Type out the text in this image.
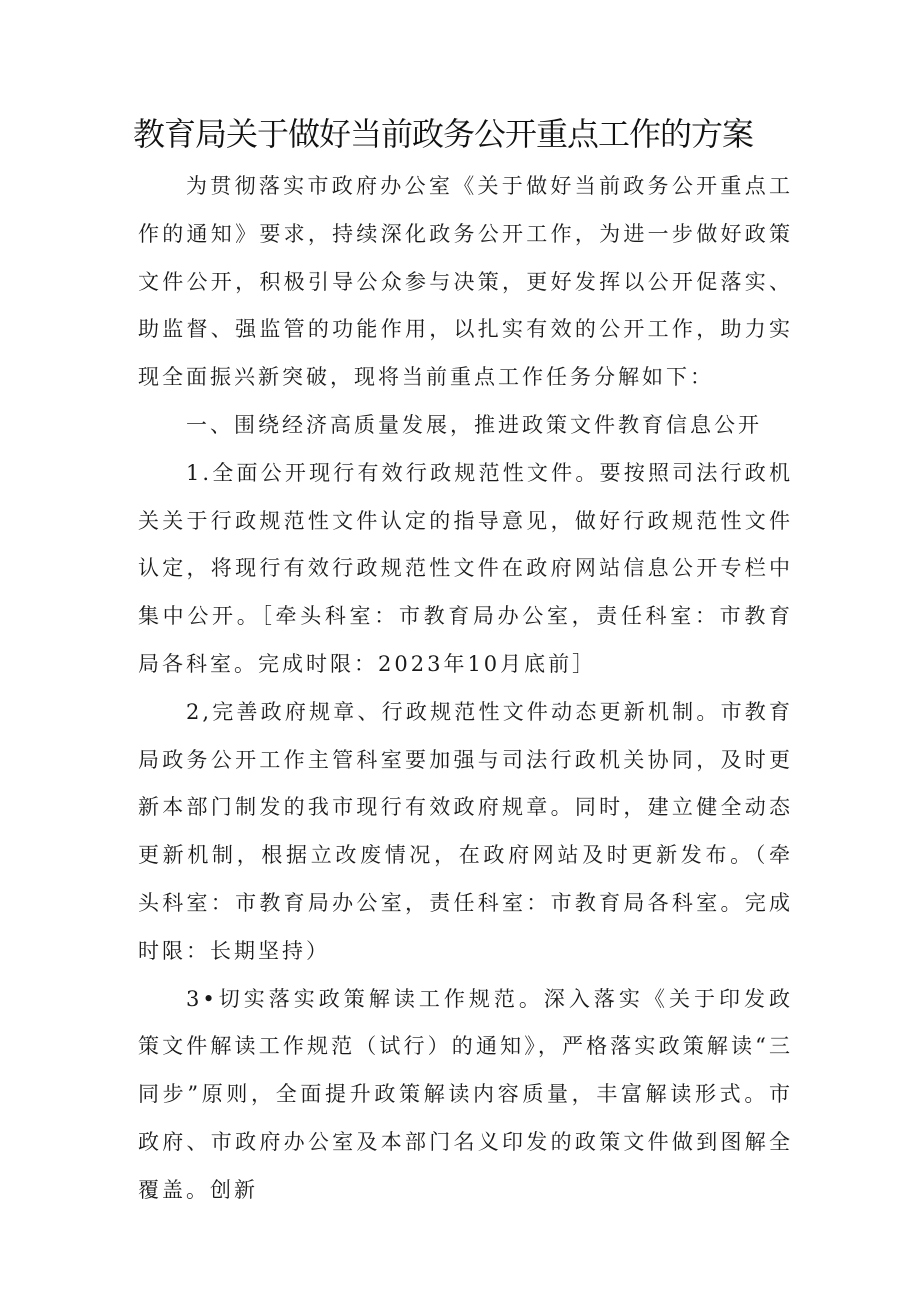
教育局关于做好当前政务公开重点工作的方案

为贯彻落实市政府办公室《关于做好当前政务公开重点工作的通知》要求，持续深化政务公开工作，为进一步做好政策文件公开，积极引导公众参与决策，更好发挥以公开促落实、助监督、强监管的功能作用，以扎实有效的公开工作，助力实现全面振兴新突破，现将当前重点工作任务分解如下：

一、围绕经济高质量发展，推进政策文件教育信息公开

1.全面公开现行有效行政规范性文件。要按照司法行政机关关于行政规范性文件认定的指导意见，做好行政规范性文件认定，将现行有效行政规范性文件在政府网站信息公开专栏中集中公开。［牵头科室：市教育局办公室，责任科室：市教育局各科室。完成时限：2023年10月底前］

2,完善政府规章、行政规范性文件动态更新机制。市教育局政务公开工作主管科室要加强与司法行政机关协同，及时更新本部门制发的我市现行有效政府规章。同时，建立健全动态更新机制，根据立改废情况，在政府网站及时更新发布。（牵头科室：市教育局办公室，责任科室：市教育局各科室。完成时限：长期坚持）

3•切实落实政策解读工作规范。深入落实《关于印发政策文件解读工作规范（试行）的通知》，严格落实政策解读“三同步”原则，全面提升政策解读内容质量，丰富解读形式。市政府、市政府办公室及本部门名义印发的政策文件做到图解全覆盖。创新
